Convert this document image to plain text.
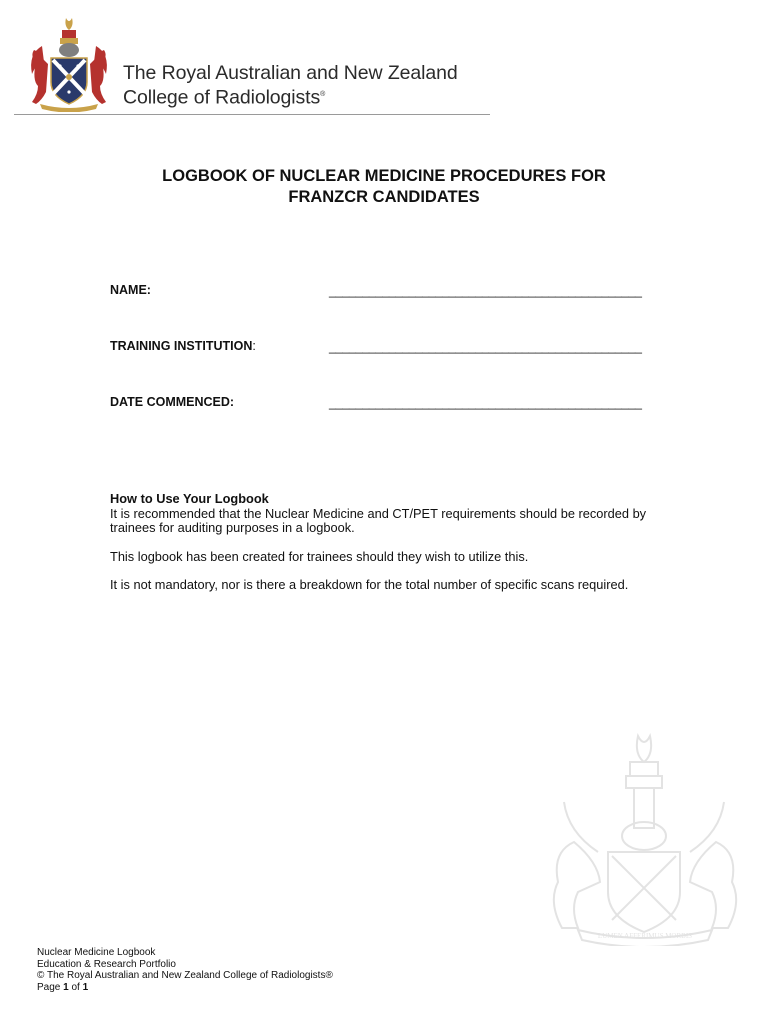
The Royal Australian and New Zealand
College of Radiologists®
LOGBOOK OF NUCLEAR MEDICINE PROCEDURES FOR
FRANZCR CANDIDATES
NAME:	_______________________________________________
TRAINING INSTITUTION:	_______________________________________________
DATE COMMENCED:	_______________________________________________
How to Use Your Logbook

It is recommended that the Nuclear Medicine and CT/PET requirements should be recorded by trainees for auditing purposes in a logbook.

This logbook has been created for trainees should they wish to utilize this.

It is not mandatory, nor is there a breakdown for the total number of specific scans required.

LUMEN AFFERIMUS MORBIS
Nuclear Medicine Logbook
Education & Research Portfolio
© The Royal Australian and New Zealand College of Radiologists®
Page 1 of 1
